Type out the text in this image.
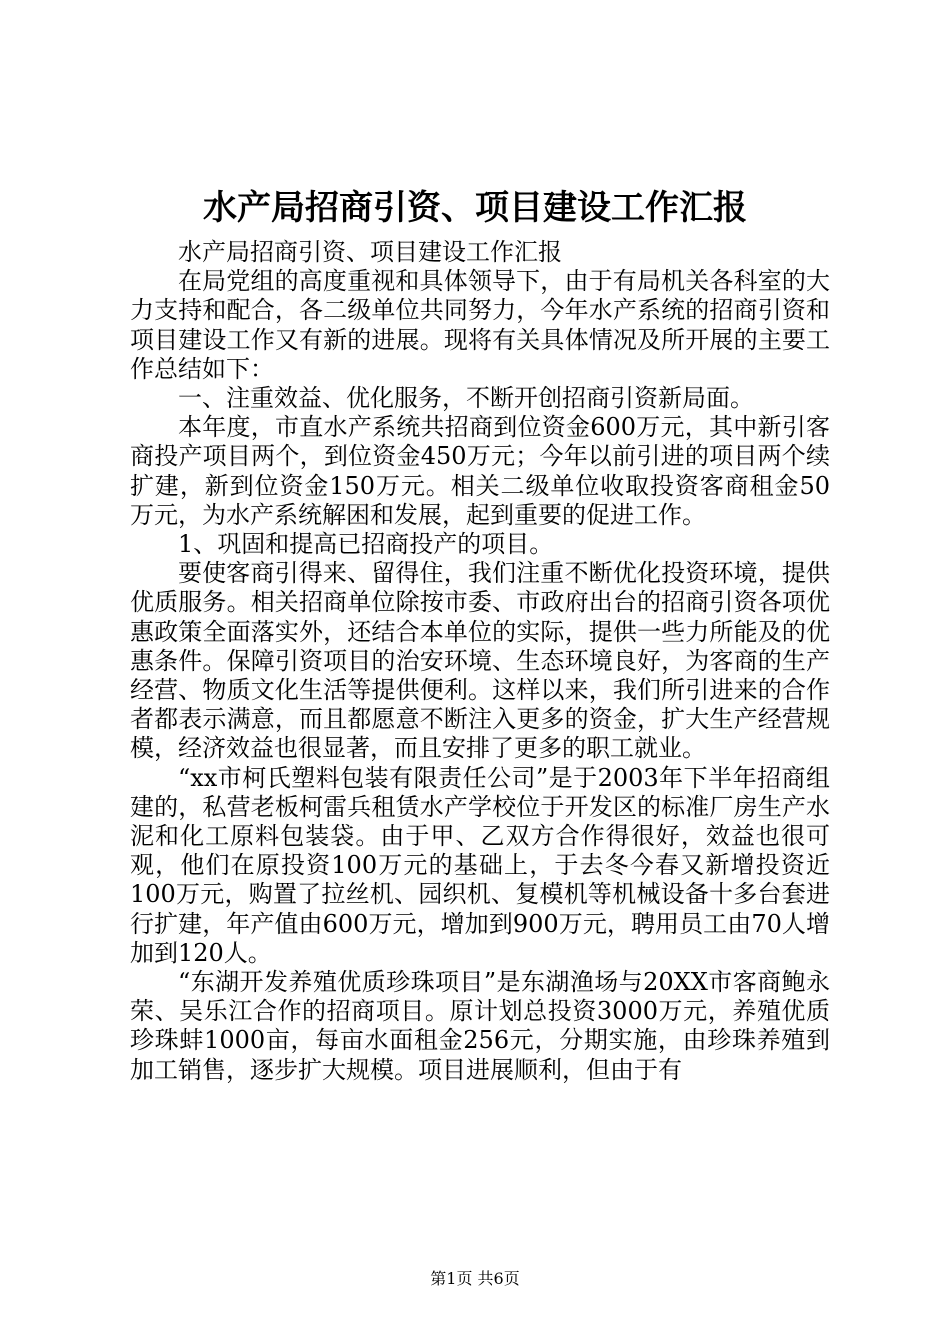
水产局招商引资、项目建设工作汇报

水产局招商引资、项目建设工作汇报

在局党组的高度重视和具体领导下，由于有局机关各科室的大力支持和配合，各二级单位共同努力，今年水产系统的招商引资和项目建设工作又有新的进展。现将有关具体情况及所开展的主要工作总结如下：

一、注重效益、优化服务，不断开创招商引资新局面。

本年度，市直水产系统共招商到位资金600万元，其中新引客商投产项目两个，到位资金450万元；今年以前引进的项目两个续扩建，新到位资金150万元。相关二级单位收取投资客商租金50万元，为水产系统解困和发展，起到重要的促进工作。

1、巩固和提高已招商投产的项目。

要使客商引得来、留得住，我们注重不断优化投资环境，提供优质服务。相关招商单位除按市委、市政府出台的招商引资各项优惠政策全面落实外，还结合本单位的实际，提供一些力所能及的优惠条件。保障引资项目的治安环境、生态环境良好，为客商的生产经营、物质文化生活等提供便利。这样以来，我们所引进来的合作者都表示满意，而且都愿意不断注入更多的资金，扩大生产经营规模，经济效益也很显著，而且安排了更多的职工就业。

“xx市柯氏塑料包装有限责任公司”是于2003年下半年招商组建的，私营老板柯雷兵租赁水产学校位于开发区的标准厂房生产水泥和化工原料包装袋。由于甲、乙双方合作得很好，效益也很可观，他们在原投资100万元的基础上，于去冬今春又新增投资近100万元，购置了拉丝机、园织机、复模机等机械设备十多台套进行扩建，年产值由600万元，增加到900万元，聘用员工由70人增加到120人。

“东湖开发养殖优质珍珠项目”是东湖渔场与20XX市客商鲍永荣、吴乐江合作的招商项目。原计划总投资3000万元，养殖优质珍珠蚌1000亩，每亩水面租金256元，分期实施，由珍珠养殖到加工销售，逐步扩大规模。项目进展顺利，但由于有

第1页 共6页
